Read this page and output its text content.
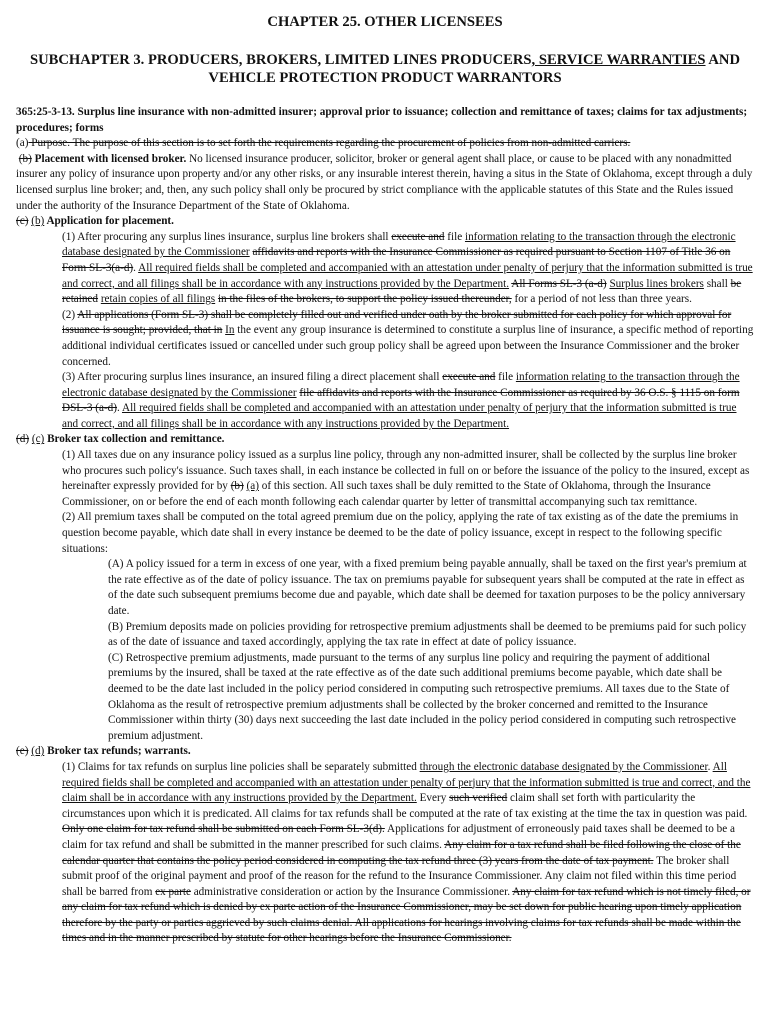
CHAPTER 25. OTHER LICENSEES
SUBCHAPTER 3. PRODUCERS, BROKERS, LIMITED LINES PRODUCERS, SERVICE WARRANTIES AND VEHICLE PROTECTION PRODUCT WARRANTORS

365:25-3-13. Surplus line insurance with non-admitted insurer; approval prior to issuance; collection and remittance of taxes; claims for tax adjustments; procedures; forms

(a) Purpose. The purpose of this section is to set forth the requirements regarding the procurement of policies from non-admitted carriers.

(b) Placement with licensed broker. No licensed insurance producer, solicitor, broker or general agent shall place, or cause to be placed with any nonadmitted insurer any policy of insurance upon property and/or any other risks, or any insurable interest therein, having a situs in the State of Oklahoma, except through a duly licensed surplus line broker; and, then, any such policy shall only be procured by strict compliance with the applicable statutes of this State and the Rules issued under the authority of the Insurance Department of the State of Oklahoma.

(c) (b) Application for placement.

(1) After procuring any surplus lines insurance, surplus line brokers shall execute and file information relating to the transaction through the electronic database designated by the Commissioner affidavits and reports with the Insurance Commissioner as required pursuant to Section 1107 of Title 36 on Form SL-3(a-d). All required fields shall be completed and accompanied with an attestation under penalty of perjury that the information submitted is true and correct, and all filings shall be in accordance with any instructions provided by the Department. All Forms SL-3 (a-d) Surplus lines brokers shall be retained retain copies of all filings in the files of the brokers, to support the policy issued thereunder, for a period of not less than three years.

(2) All applications (Form SL-3) shall be completely filled out and verified under oath by the broker submitted for each policy for which approval for issuance is sought; provided, that in In the event any group insurance is determined to constitute a surplus line of insurance, a specific method of reporting additional individual certificates issued or cancelled under such group policy shall be agreed upon between the Insurance Commissioner and the broker concerned.

(3) After procuring surplus lines insurance, an insured filing a direct placement shall execute and file information relating to the transaction through the electronic database designated by the Commissioner file affidavits and reports with the Insurance Commissioner as required by 36 O.S. § 1115 on form DSL-3 (a-d). All required fields shall be completed and accompanied with an attestation under penalty of perjury that the information submitted is true and correct, and all filings shall be in accordance with any instructions provided by the Department.

(d) (c) Broker tax collection and remittance.

(1) All taxes due on any insurance policy issued as a surplus line policy, through any non-admitted insurer, shall be collected by the surplus line broker who procures such policy's issuance. Such taxes shall, in each instance be collected in full on or before the issuance of the policy to the insured, except as hereinafter expressly provided for by (b) (a) of this section. All such taxes shall be duly remitted to the State of Oklahoma, through the Insurance Commissioner, on or before the end of each month following each calendar quarter by letter of transmittal accompanying such tax remittance.

(2) All premium taxes shall be computed on the total agreed premium due on the policy, applying the rate of tax existing as of the date the premiums in question become payable, which date shall in every instance be deemed to be the date of policy issuance, except in respect to the following specific situations:

(A) A policy issued for a term in excess of one year, with a fixed premium being payable annually, shall be taxed on the first year's premium at the rate effective as of the date of policy issuance. The tax on premiums payable for subsequent years shall be computed at the rate in effect as of the date such subsequent premiums become due and payable, which date shall be deemed for taxation purposes to be the policy anniversary date.

(B) Premium deposits made on policies providing for retrospective premium adjustments shall be deemed to be premiums paid for such policy as of the date of issuance and taxed accordingly, applying the tax rate in effect at date of policy issuance.

(C) Retrospective premium adjustments, made pursuant to the terms of any surplus line policy and requiring the payment of additional premiums by the insured, shall be taxed at the rate effective as of the date such additional premiums become payable, which date shall be deemed to be the date last included in the policy period considered in computing such retrospective premiums. All taxes due to the State of Oklahoma as the result of retrospective premium adjustments shall be collected by the broker concerned and remitted to the Insurance Commissioner within thirty (30) days next succeeding the last date included in the policy period considered in computing such retrospective premium adjustment.

(e) (d) Broker tax refunds; warrants.

(1) Claims for tax refunds on surplus line policies shall be separately submitted through the electronic database designated by the Commissioner. All required fields shall be completed and accompanied with an attestation under penalty of perjury that the information submitted is true and correct, and the claim shall be in accordance with any instructions provided by the Department. Every such verified claim shall set forth with particularity the circumstances upon which it is predicated. All claims for tax refunds shall be computed at the rate of tax existing at the time the tax in question was paid. Only one claim for tax refund shall be submitted on each Form SL-3(d). Applications for adjustment of erroneously paid taxes shall be deemed to be a claim for tax refund and shall be submitted in the manner prescribed for such claims. Any claim for a tax refund shall be filed following the close of the calendar quarter that contains the policy period considered in computing the tax refund three (3) years from the date of tax payment. The broker shall submit proof of the original payment and proof of the reason for the refund to the Insurance Commissioner. Any claim not filed within this time period shall be barred from ex parte administrative consideration or action by the Insurance Commissioner. Any claim for tax refund which is not timely filed, or any claim for tax refund which is denied by ex parte action of the Insurance Commissioner, may be set down for public hearing upon timely application therefore by the party or parties aggrieved by such claims denial. All applications for hearings involving claims for tax refunds shall be made within the times and in the manner prescribed by statute for other hearings before the Insurance Commissioner.
